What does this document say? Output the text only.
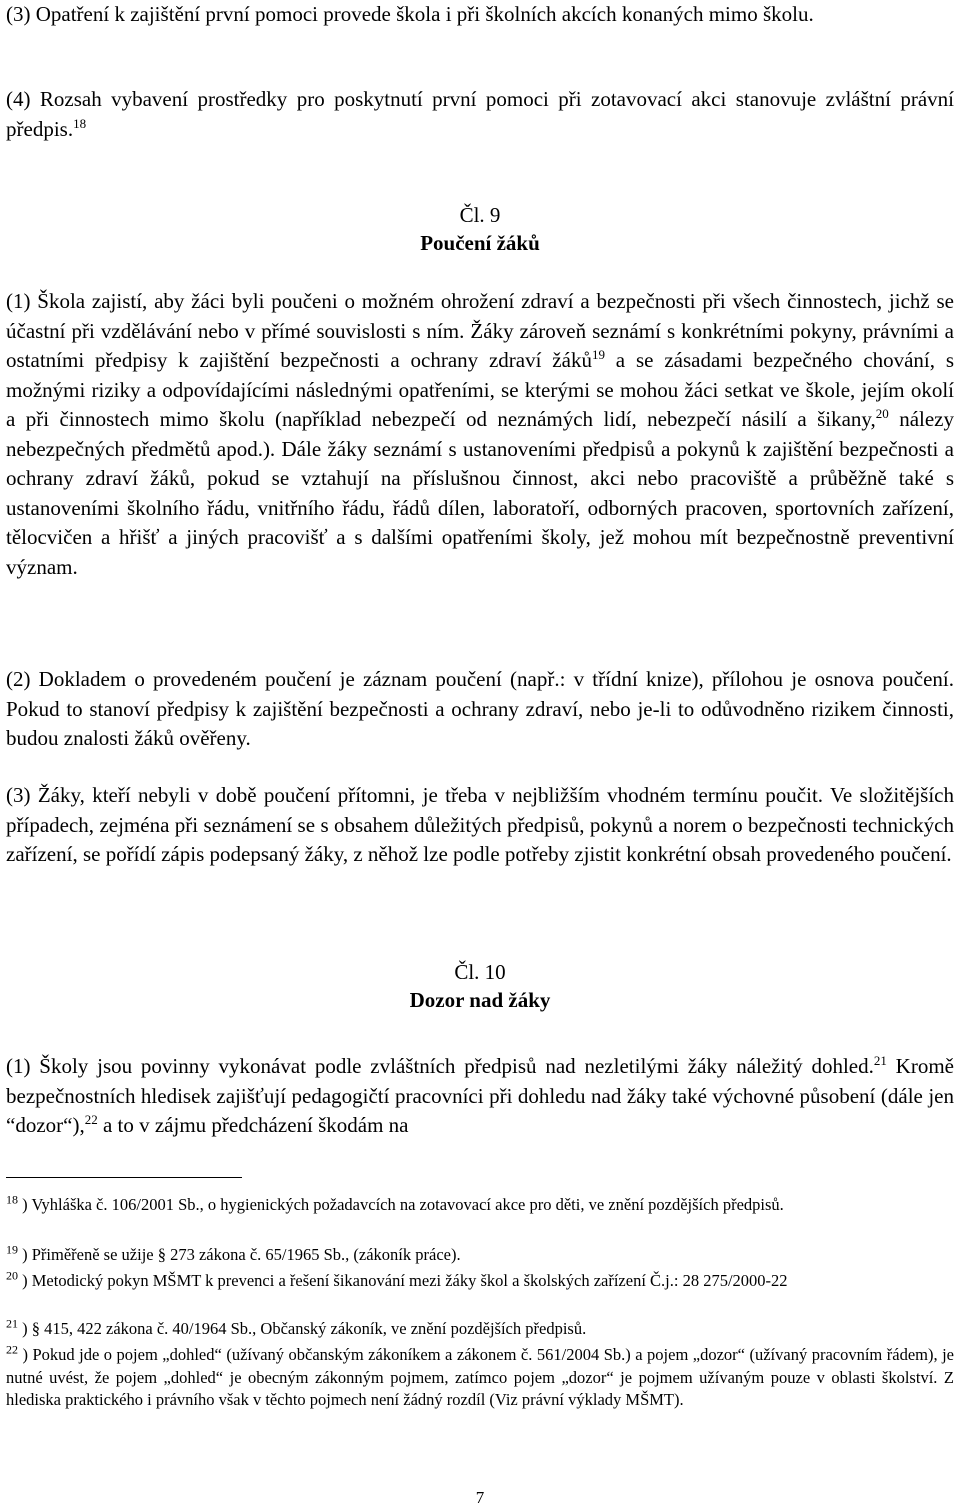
(3) Opatření k zajištění první pomoci provede škola i při školních akcích konaných mimo školu.

(4) Rozsah vybavení prostředky pro poskytnutí první pomoci při zotavovací akci stanovuje zvláštní právní předpis.$^{18}$

Čl. 9
Poučení žáků

(1) Škola zajistí, aby žáci byli poučeni o možném ohrožení zdraví a bezpečnosti při všech činnostech, jichž se účastní při vzdělávání nebo v přímé souvislosti s ním. Žáky zároveň seznámí s konkrétními pokyny, právními a ostatními předpisy k zajištění bezpečnosti a ochrany zdraví žáků$^{19}$ a se zásadami bezpečného chování, s možnými riziky a odpovídajícími následnými opatřeními, se kterými se mohou žáci setkat ve škole, jejím okolí a při činnostech mimo školu (například nebezpečí od neznámých lidí, nebezpečí násilí a šikany,$^{20}$ nálezy nebezpečných předmětů apod.). Dále žáky seznámí s ustanoveními předpisů a pokynů k zajištění bezpečnosti a ochrany zdraví žáků, pokud se vztahují na příslušnou činnost, akci nebo pracoviště a průběžně také s ustanoveními školního řádu, vnitřního řádu, řádů dílen, laboratoří, odborných pracoven, sportovních zařízení, tělocvičen a hřišť a jiných pracovišť a s dalšími opatřeními školy, jež mohou mít bezpečnostně preventivní význam.

(2) Dokladem o provedeném poučení je záznam poučení (např.: v třídní knize), přílohou je osnova poučení. Pokud to stanoví předpisy k zajištění bezpečnosti a ochrany zdraví, nebo je-li to odůvodněno rizikem činnosti, budou znalosti žáků ověřeny.

(3) Žáky, kteří nebyli v době poučení přítomni, je třeba v nejbližším vhodném termínu poučit. Ve složitějších případech, zejména při seznámení se s obsahem důležitých předpisů, pokynů a norem o bezpečnosti technických zařízení, se pořídí zápis podepsaný žáky, z něhož lze podle potřeby zjistit konkrétní obsah provedeného poučení.

Čl. 10
Dozor nad žáky

(1) Školy jsou povinny vykonávat podle zvláštních předpisů nad nezletilými žáky náležitý dohled.$^{21}$ Kromě bezpečnostních hledisek zajišťují pedagogičtí pracovníci při dohledu nad žáky také výchovné působení (dále jen “dozor“),$^{22}$ a to v zájmu předcházení škodám na

$^{18}$ ) Vyhláška č. 106/2001 Sb., o hygienických požadavcích na zotavovací akce pro děti, ve znění pozdějších předpisů.
$^{19}$ ) Přiměřeně se užije § 273 zákona č. 65/1965 Sb., (zákoník práce).
$^{20}$ ) Metodický pokyn MŠMT k prevenci a řešení šikanování mezi žáky škol a školských zařízení Č.j.: 28 275/2000-22
$^{21}$ ) § 415, 422 zákona č. 40/1964 Sb., Občanský zákoník, ve znění pozdějších předpisů.
$^{22}$ ) Pokud jde o pojem „dohled“ (užívaný občanským zákoníkem a zákonem č. 561/2004 Sb.) a pojem „dozor“ (užívaný pracovním řádem), je nutné uvést, že pojem „dohled“ je obecným zákonným pojmem, zatímco pojem „dozor“ je pojmem užívaným pouze v oblasti školství. Z hlediska praktického i právního však v těchto pojmech není žádný rozdíl (Viz právní výklady MŠMT).
7
